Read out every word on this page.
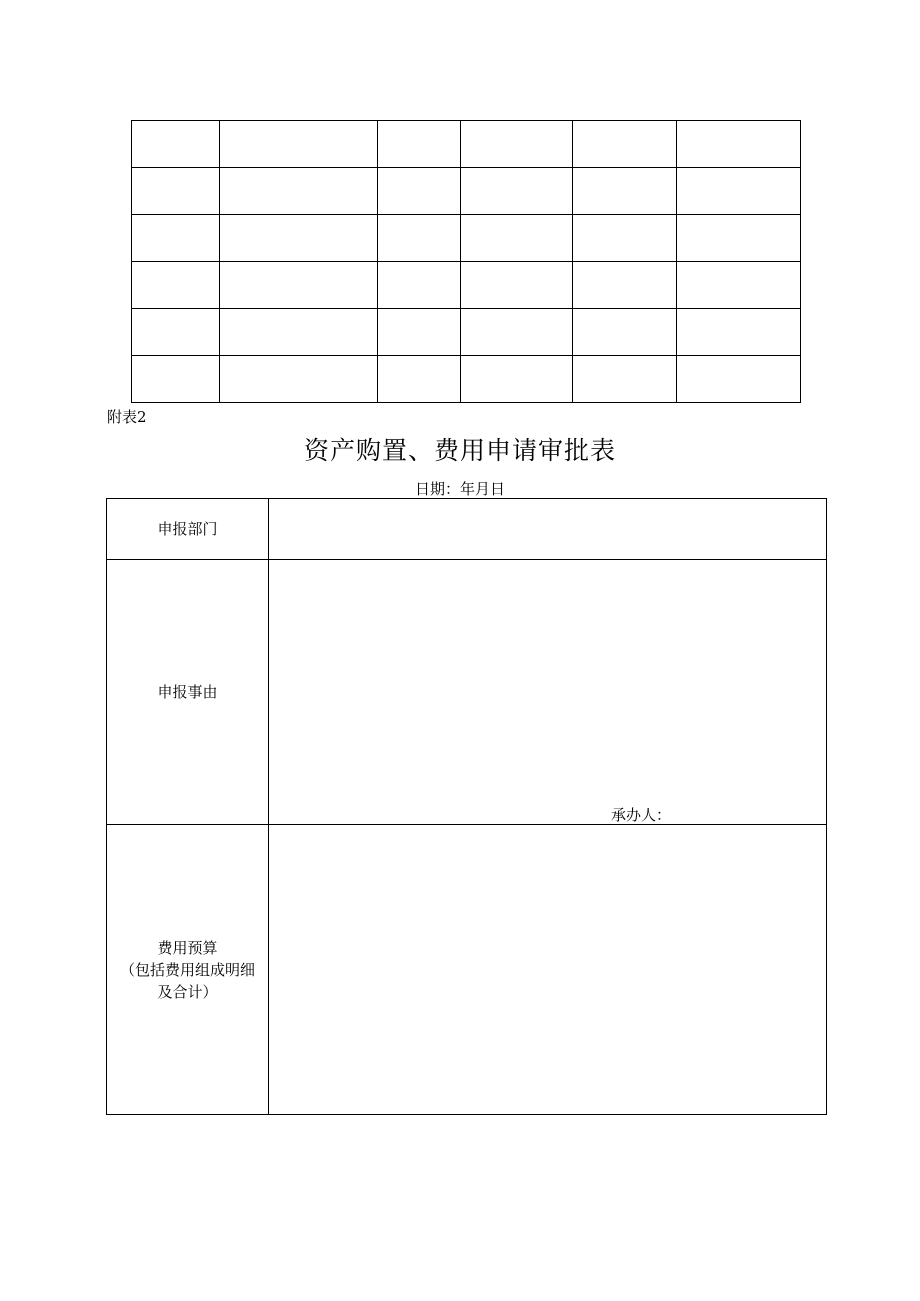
附表2
资产购置、费用申请审批表
日期：年月日
申报部门	
申报事由	承办人：

费用预算
（包括费用组成明细
及合计）	
